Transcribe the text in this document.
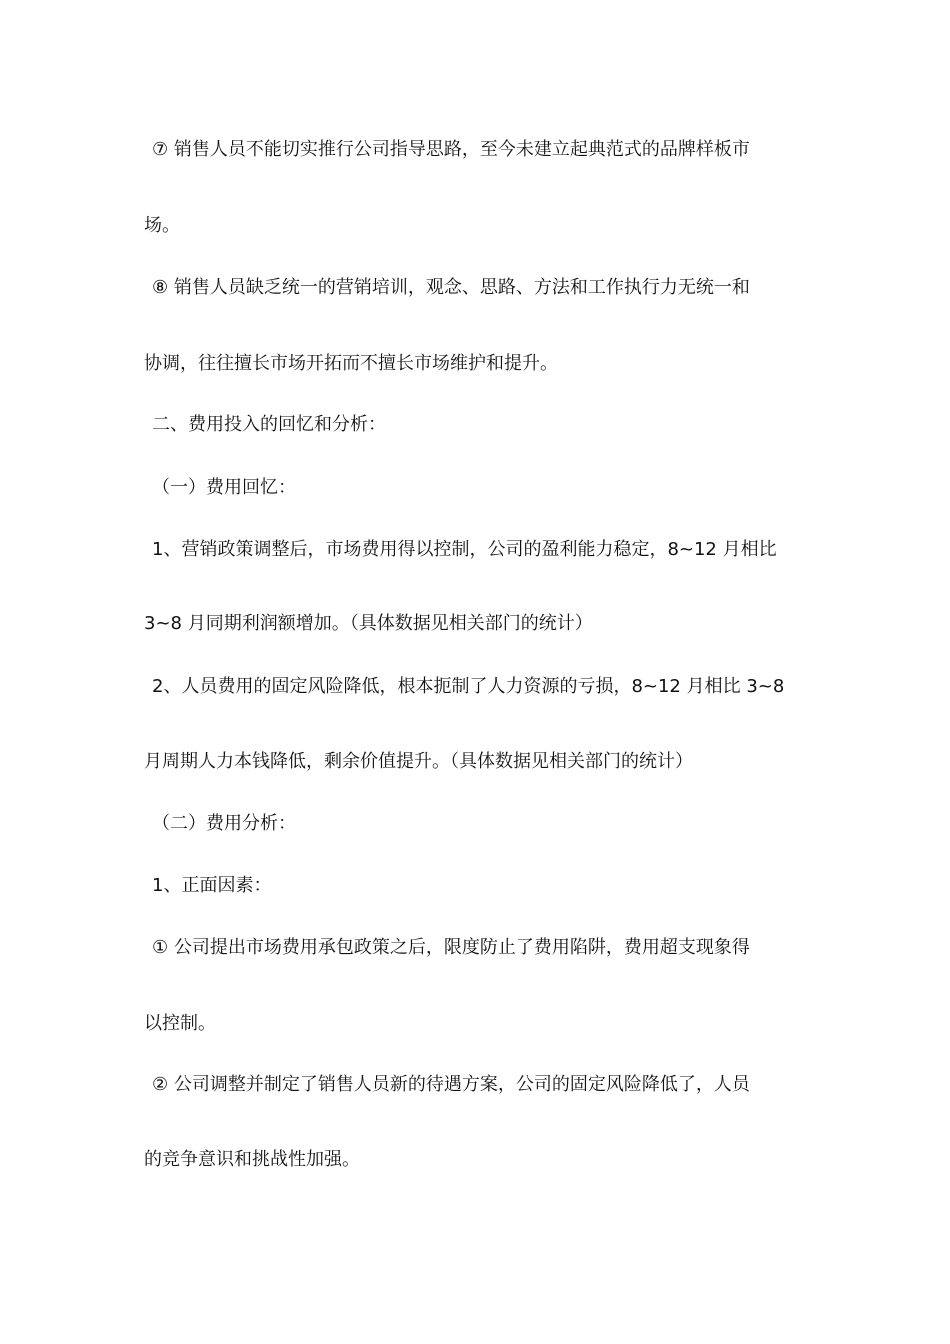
⑦ 销售人员不能切实推行公司指导思路，至今未建立起典范式的品牌样板市
场。
⑧ 销售人员缺乏统一的营销培训，观念、思路、方法和工作执行力无统一和
协调，往往擅长市场开拓而不擅长市场维护和提升。
二、费用投入的回忆和分析：
（一）费用回忆：
1、营销政策调整后，市场费用得以控制，公司的盈利能力稳定，8~12 月相比
3~8 月同期利润额增加。（具体数据见相关部门的统计）
2、人员费用的固定风险降低，根本扼制了人力资源的亏损，8~12 月相比 3~8
月周期人力本钱降低，剩余价值提升。（具体数据见相关部门的统计）
（二）费用分析：
1、正面因素：
① 公司提出市场费用承包政策之后，限度防止了费用陷阱，费用超支现象得
以控制。
② 公司调整并制定了销售人员新的待遇方案，公司的固定风险降低了，人员
的竞争意识和挑战性加强。
